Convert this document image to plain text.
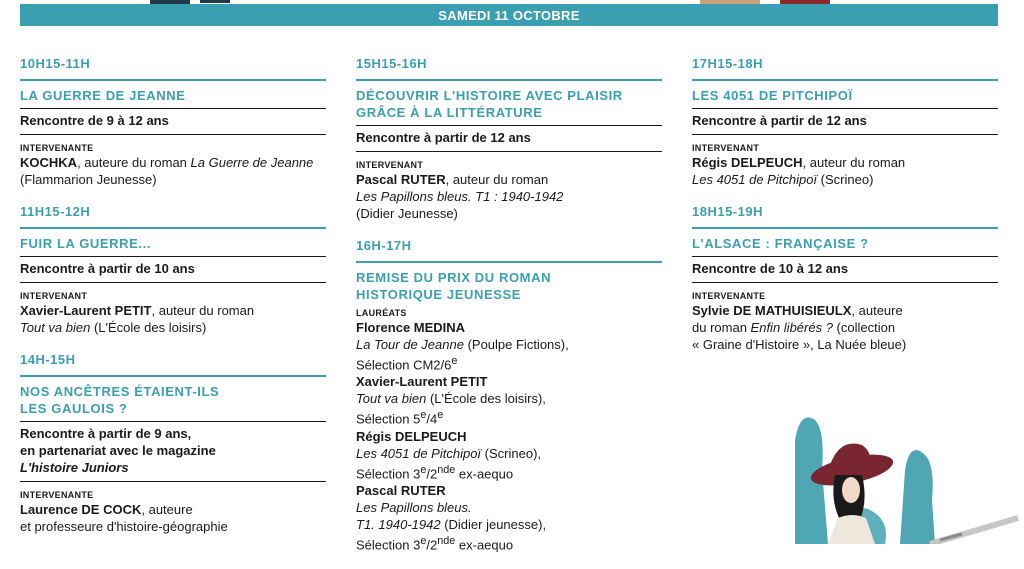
SAMEDI 11 OCTOBRE
10H15-11H
LA GUERRE DE JEANNE
Rencontre de 9 à 12 ans
INTERVENANTE
KOCHKA, auteure du roman La Guerre de Jeanne (Flammarion Jeunesse)
11H15-12H
FUIR LA GUERRE...
Rencontre à partir de 10 ans
INTERVENANT
Xavier-Laurent PETIT, auteur du roman
Tout va bien (L'École des loisirs)
14H-15H
NOS ANCÊTRES ÉTAIENT-ILS
LES GAULOIS ?
Rencontre à partir de 9 ans,
en partenariat avec le magazine
L'histoire Juniors
INTERVENANTE
Laurence DE COCK, auteure
et professeure d'histoire-géographie
15H15-16H
DÉCOUVRIR L'HISTOIRE AVEC PLAISIR
GRÂCE À LA LITTÉRATURE
Rencontre à partir de 12 ans
INTERVENANT
Pascal RUTER, auteur du roman
Les Papillons bleus. T1 : 1940-1942
(Didier Jeunesse)
16H-17H
REMISE DU PRIX DU ROMAN
HISTORIQUE JEUNESSE
LAURÉATS
Florence MEDINA
La Tour de Jeanne (Poulpe Fictions),
Sélection CM2/6e
Xavier-Laurent PETIT
Tout va bien (L'École des loisirs),
Sélection 5e/4e
Régis DELPEUCH
Les 4051 de Pitchipoï (Scrineo),
Sélection 3e/2nde ex-aequo
Pascal RUTER
Les Papillons bleus.
T1. 1940-1942 (Didier jeunesse),
Sélection 3e/2nde ex-aequo
17H15-18H
LES 4051 DE PITCHIPOÏ
Rencontre à partir de 12 ans
INTERVENANT
Régis DELPEUCH, auteur du roman
Les 4051 de Pitchipoï (Scrineo)
18H15-19H
L'ALSACE : FRANÇAISE ?
Rencontre de 10 à 12 ans
INTERVENANTE
Sylvie DE MATHUISIEULX, auteure
du roman Enfin libérés ? (collection
« Graine d'Histoire », La Nuée bleue)
